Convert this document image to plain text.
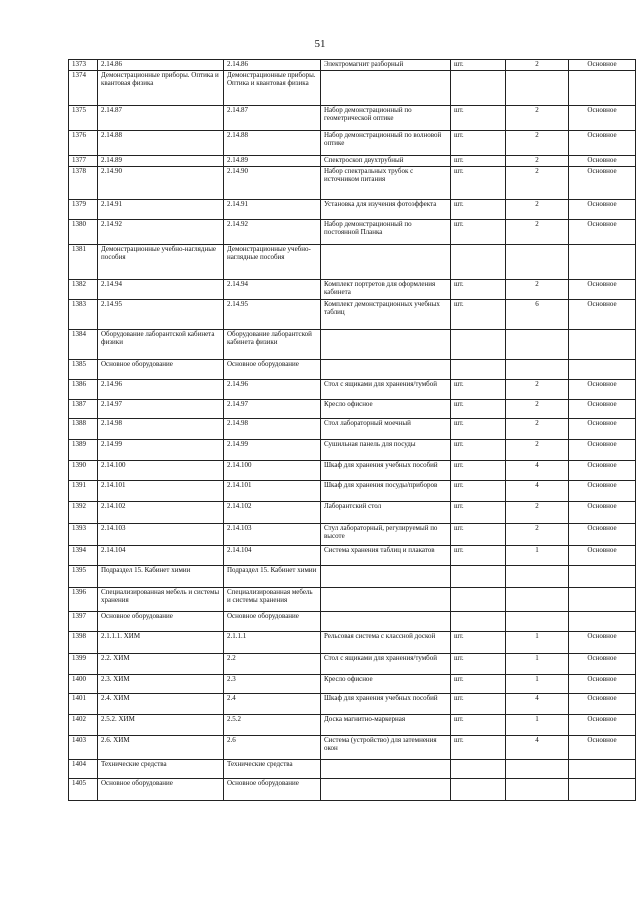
51
1373	2.14.86	2.14.86	Электромагнит разборный	шт.	2	Основное
1374	Демонстрационные приборы. Оптика и квантовая физика	Демонстрационные приборы. Оптика и квантовая физика				
1375	2.14.87	2.14.87	Набор демонстрационный по геометрической оптике	шт.	2	Основное
1376	2.14.88	2.14.88	Набор демонстрационный по волновой оптике	шт.	2	Основное
1377	2.14.89	2.14.89	Спектроскоп двухтрубный	шт.	2	Основное
1378	2.14.90	2.14.90	Набор спектральных трубок с источником питания	шт.	2	Основное
1379	2.14.91	2.14.91	Установка для изучения фотоэффекта	шт.	2	Основное
1380	2.14.92	2.14.92	Набор демонстрационный по постоянной Планка	шт.	2	Основное
1381	Демонстрационные учебно-наглядные пособия	Демонстрационные учебно-наглядные пособия				
1382	2.14.94	2.14.94	Комплект портретов для оформления кабинета	шт.	2	Основное
1383	2.14.95	2.14.95	Комплект демонстрационных учебных таблиц	шт.	6	Основное
1384	Оборудование лаборантской кабинета физики	Оборудование лаборантской кабинета физики				
1385	Основное оборудование	Основное оборудование				
1386	2.14.96	2.14.96	Стол с ящиками для хранения/тумбой	шт.	2	Основное
1387	2.14.97	2.14.97	Кресло офисное	шт.	2	Основное
1388	2.14.98	2.14.98	Стол лабораторный моечный	шт.	2	Основное
1389	2.14.99	2.14.99	Сушильная панель для посуды	шт.	2	Основное
1390	2.14.100	2.14.100	Шкаф для хранения учебных пособий	шт.	4	Основное
1391	2.14.101	2.14.101	Шкаф для хранения посуды/приборов	шт.	4	Основное
1392	2.14.102	2.14.102	Лаборантский стол	шт.	2	Основное
1393	2.14.103	2.14.103	Стул лабораторный, регулируемый по высоте	шт.	2	Основное
1394	2.14.104	2.14.104	Система хранения таблиц и плакатов	шт.	1	Основное
1395	Подраздел 15. Кабинет химии	Подраздел 15. Кабинет химии				
1396	Специализированная мебель и системы хранения	Специализированная мебель и системы хранения				
1397	Основное оборудование	Основное оборудование				
1398	2.1.1.1. ХИМ	2.1.1.1	Рельсовая система с классной доской	шт.	1	Основное
1399	2.2. ХИМ	2.2	Стол с ящиками для хранения/тумбой	шт.	1	Основное
1400	2.3. ХИМ	2.3	Кресло офисное	шт.	1	Основное
1401	2.4. ХИМ	2.4	Шкаф для хранения учебных пособий	шт.	4	Основное
1402	2.5.2. ХИМ	2.5.2	Доска магнитно-маркерная	шт.	1	Основное
1403	2.6. ХИМ	2.6	Система (устройство) для затемнения окон	шт.	4	Основное
1404	Технические средства	Технические средства				
1405	Основное оборудование	Основное оборудование				
